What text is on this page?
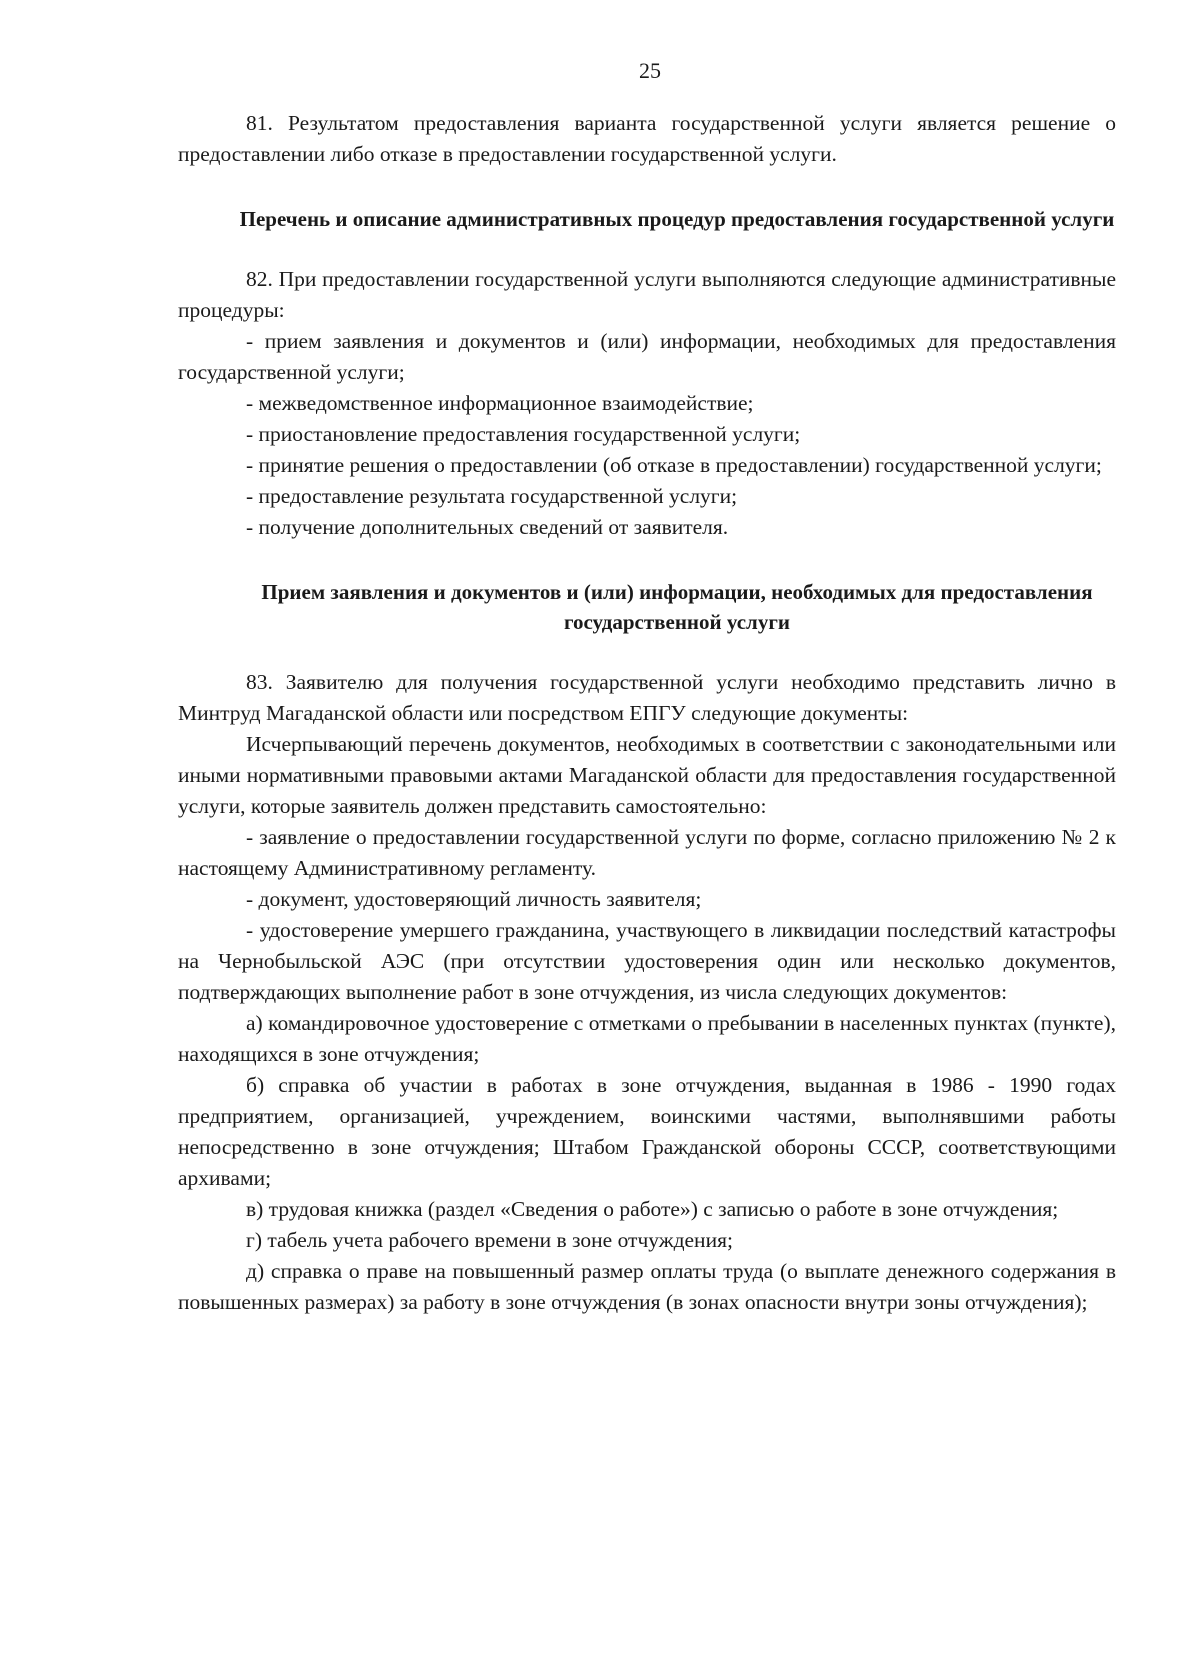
25

81. Результатом предоставления варианта государственной услуги является решение о предоставлении либо отказе в предоставлении государственной услуги.

Перечень и описание административных процедур предоставления государственной услуги

82. При предоставлении государственной услуги выполняются следующие административные процедуры:

- прием заявления и документов и (или) информации, необходимых для предоставления государственной услуги;

- межведомственное информационное взаимодействие;

- приостановление предоставления государственной услуги;

- принятие решения о предоставлении (об отказе в предоставлении) государственной услуги;

- предоставление результата государственной услуги;

- получение дополнительных сведений от заявителя.

Прием заявления и документов и (или) информации, необходимых для предоставления государственной услуги

83. Заявителю для получения государственной услуги необходимо представить лично в Минтруд Магаданской области или посредством ЕПГУ следующие документы:

Исчерпывающий перечень документов, необходимых в соответствии с законодательными или иными нормативными правовыми актами Магаданской области для предоставления государственной услуги, которые заявитель должен представить самостоятельно:

- заявление о предоставлении государственной услуги по форме, согласно приложению № 2 к настоящему Административному регламенту.

- документ, удостоверяющий личность заявителя;

- удостоверение умершего гражданина, участвующего в ликвидации последствий катастрофы на Чернобыльской АЭС (при отсутствии удостоверения один или несколько документов, подтверждающих выполнение работ в зоне отчуждения, из числа следующих документов:

а) командировочное удостоверение с отметками о пребывании в населенных пунктах (пункте), находящихся в зоне отчуждения;

б) справка об участии в работах в зоне отчуждения, выданная в 1986 - 1990 годах предприятием, организацией, учреждением, воинскими частями, выполнявшими работы непосредственно в зоне отчуждения; Штабом Гражданской обороны СССР, соответствующими архивами;

в) трудовая книжка (раздел «Сведения о работе») с записью о работе в зоне отчуждения;

г) табель учета рабочего времени в зоне отчуждения;

д) справка о праве на повышенный размер оплаты труда (о выплате денежного содержания в повышенных размерах) за работу в зоне отчуждения (в зонах опасности внутри зоны отчуждения);
